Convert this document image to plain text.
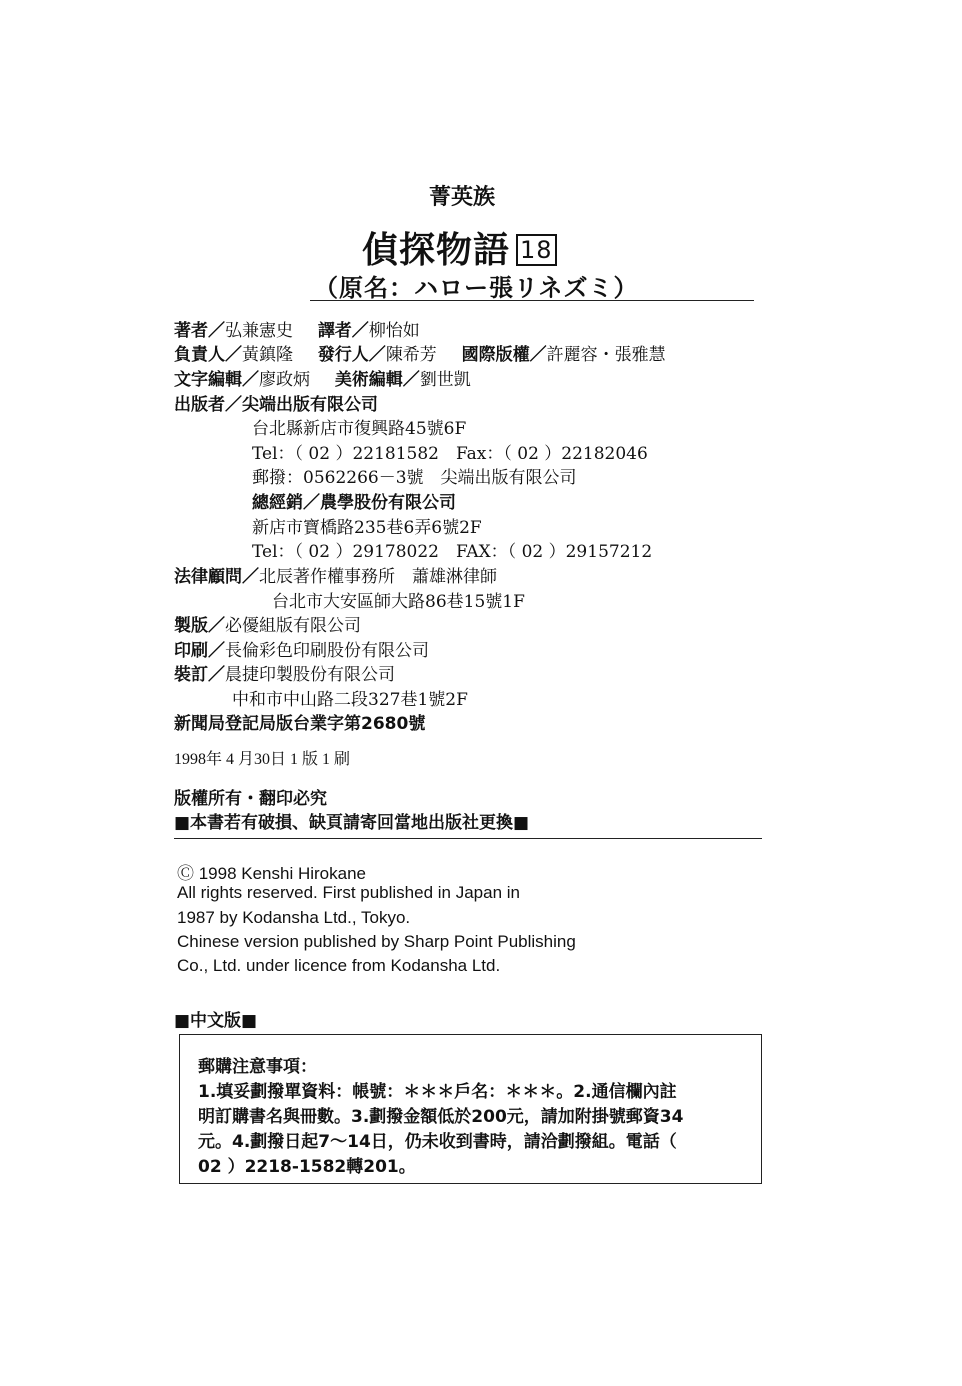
菁英族
偵探物語 18
（原名：ハロー張リネズミ）
著者／弘兼憲史 譯者／柳怡如
負責人／黃鎮隆 發行人／陳希芳 國際版權／許麗容・張雅慧
文字編輯／廖政炳 美術編輯／劉世凱
出版者／尖端出版有限公司
台北縣新店市復興路45號6F
Tel：（ 02 ）22181582　Fax：（ 02 ）22182046
郵撥：0562266－3號　尖端出版有限公司
總經銷／農學股份有限公司
新店市寶橋路235巷6弄6號2F
Tel：（ 02 ）29178022　FAX：（ 02 ）29157212
法律顧問／北辰著作權事務所　蕭雄淋律師
台北市大安區師大路86巷15號1F
製版／必優組版有限公司
印刷／長倫彩色印刷股份有限公司
裝訂／晨捷印製股份有限公司
中和市中山路二段327巷1號2F
新聞局登記局版台業字第2680號
1998年 4 月30日 1 版 1 刷
版權所有・翻印必究
■本書若有破損、缺頁請寄回當地出版社更換■
Ⓒ 1998 Kenshi Hirokane
All rights reserved. First published in Japan in
1987 by Kodansha Ltd., Tokyo.
Chinese version published by Sharp Point Publishing
Co., Ltd. under licence from Kodansha Ltd.
■中文版■
郵購注意事項：
1.填妥劃撥單資料：帳號：＊＊＊戶名：＊＊＊。2.通信欄內註
明訂購書名與冊數。3.劃撥金額低於200元，請加附掛號郵資34
元。4.劃撥日起7～14日，仍未收到書時，請洽劃撥組。電話（
02 ）2218-1582轉201。
